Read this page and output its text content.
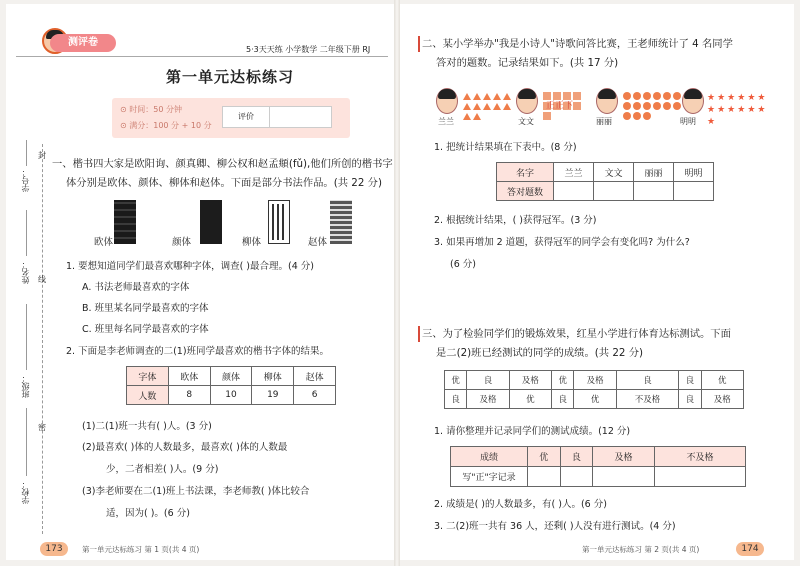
测评卷
5·3天天练 小学数学 二年级下册 RJ
第一单元达标练习
⊙ 时间：50 分钟
⊙ 满分：100 分 + 10 分
评价
封
线
密
学号：
姓名：
班级：
学校：
一、楷书四大家是欧阳询、颜真卿、柳公权和赵孟頫(fǔ),他们所创的楷书字
体分别是欧体、颜体、柳体和赵体。下面是部分书法作品。(共 22 分)
欧体	颜体	柳体	赵体
1. 要想知道同学们最喜欢哪种字体，调查( )最合理。(4 分)
A. 书法老师最喜欢的字体
B. 班里某名同学最喜欢的字体
C. 班里每名同学最喜欢的字体
2. 下面是李老师调查的二(1)班同学最喜欢的楷书字体的结果。
字体	欧体	颜体	柳体	赵体
人数	8	10	19	6
(1)二(1)班一共有( )人。(3 分)
(2)最喜欢( )体的人数最多，最喜欢( )体的人数最
少，二者相差( )人。(9 分)
(3)李老师要在二(1)班上书法课，李老师教( )体比较合
适，因为( )。(6 分)
173	第一单元达标练习 第 1 页(共 4 页)
二、某小学举办"我是小诗人"诗歌问答比赛，王老师统计了 4 名同学
答对的题数。记录结果如下。(共 17 分)
兰兰	文文
正正下
丽丽	明明
★ ★ ★ ★ ★ ★★ ★ ★ ★ ★ ★★
1. 把统计结果填在下表中。(8 分)
名字	兰兰	文文	丽丽	明明
答对题数				
2. 根据统计结果，( )获得冠军。(3 分)
3. 如果再增加 2 道题，获得冠军的同学会有变化吗? 为什么?
(6 分)
三、为了检验同学们的锻炼效果，红星小学进行体育达标测试。下面
是二(2)班已经测试的同学的成绩。(共 22 分)
优	良	及格	优	及格	良	良	优
良	及格	优	良	优	不及格	良	及格
1. 请你整理并记录同学们的测试成绩。(12 分)
成绩	优	良	及格	不及格
写"正"字记录				
2. 成绩是( )的人数最多，有( )人。(6 分)
3. 二(2)班一共有 36 人，还剩( )人没有进行测试。(4 分)
第一单元达标练习 第 2 页(共 4 页)	174
